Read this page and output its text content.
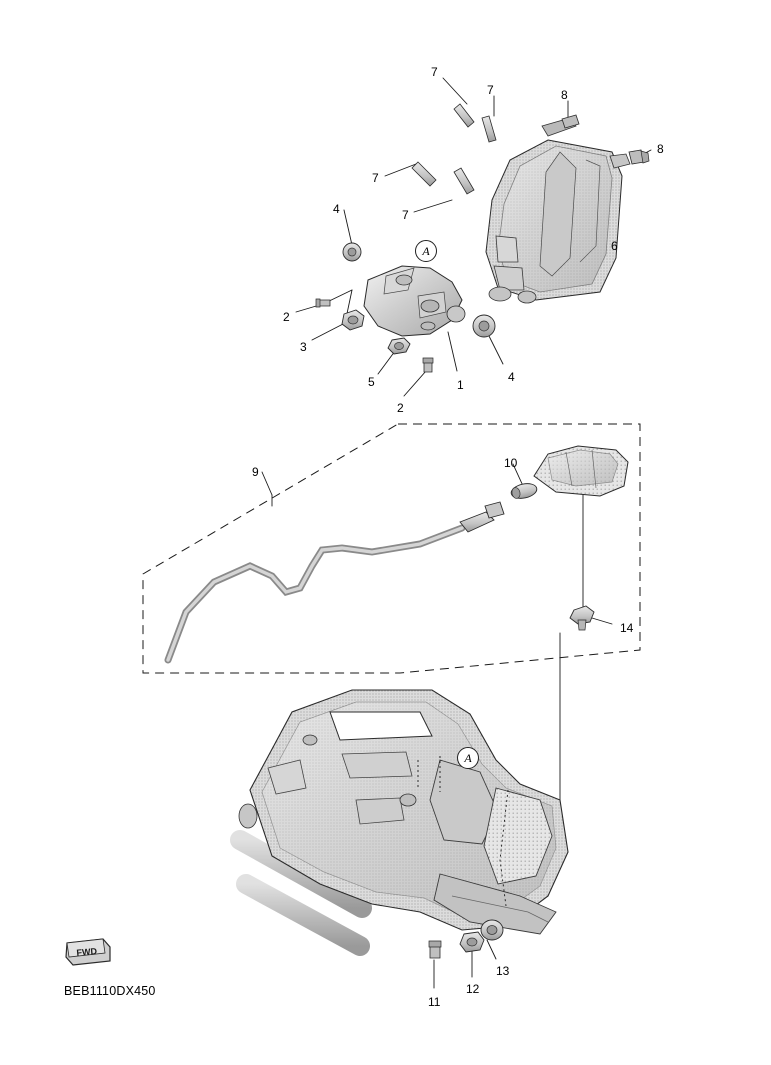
FWD
BEB1110DX450
7
7	8
8
7
7
6
4
2
3
5
2
1
4
9
10
14
11
12
13
A
A
